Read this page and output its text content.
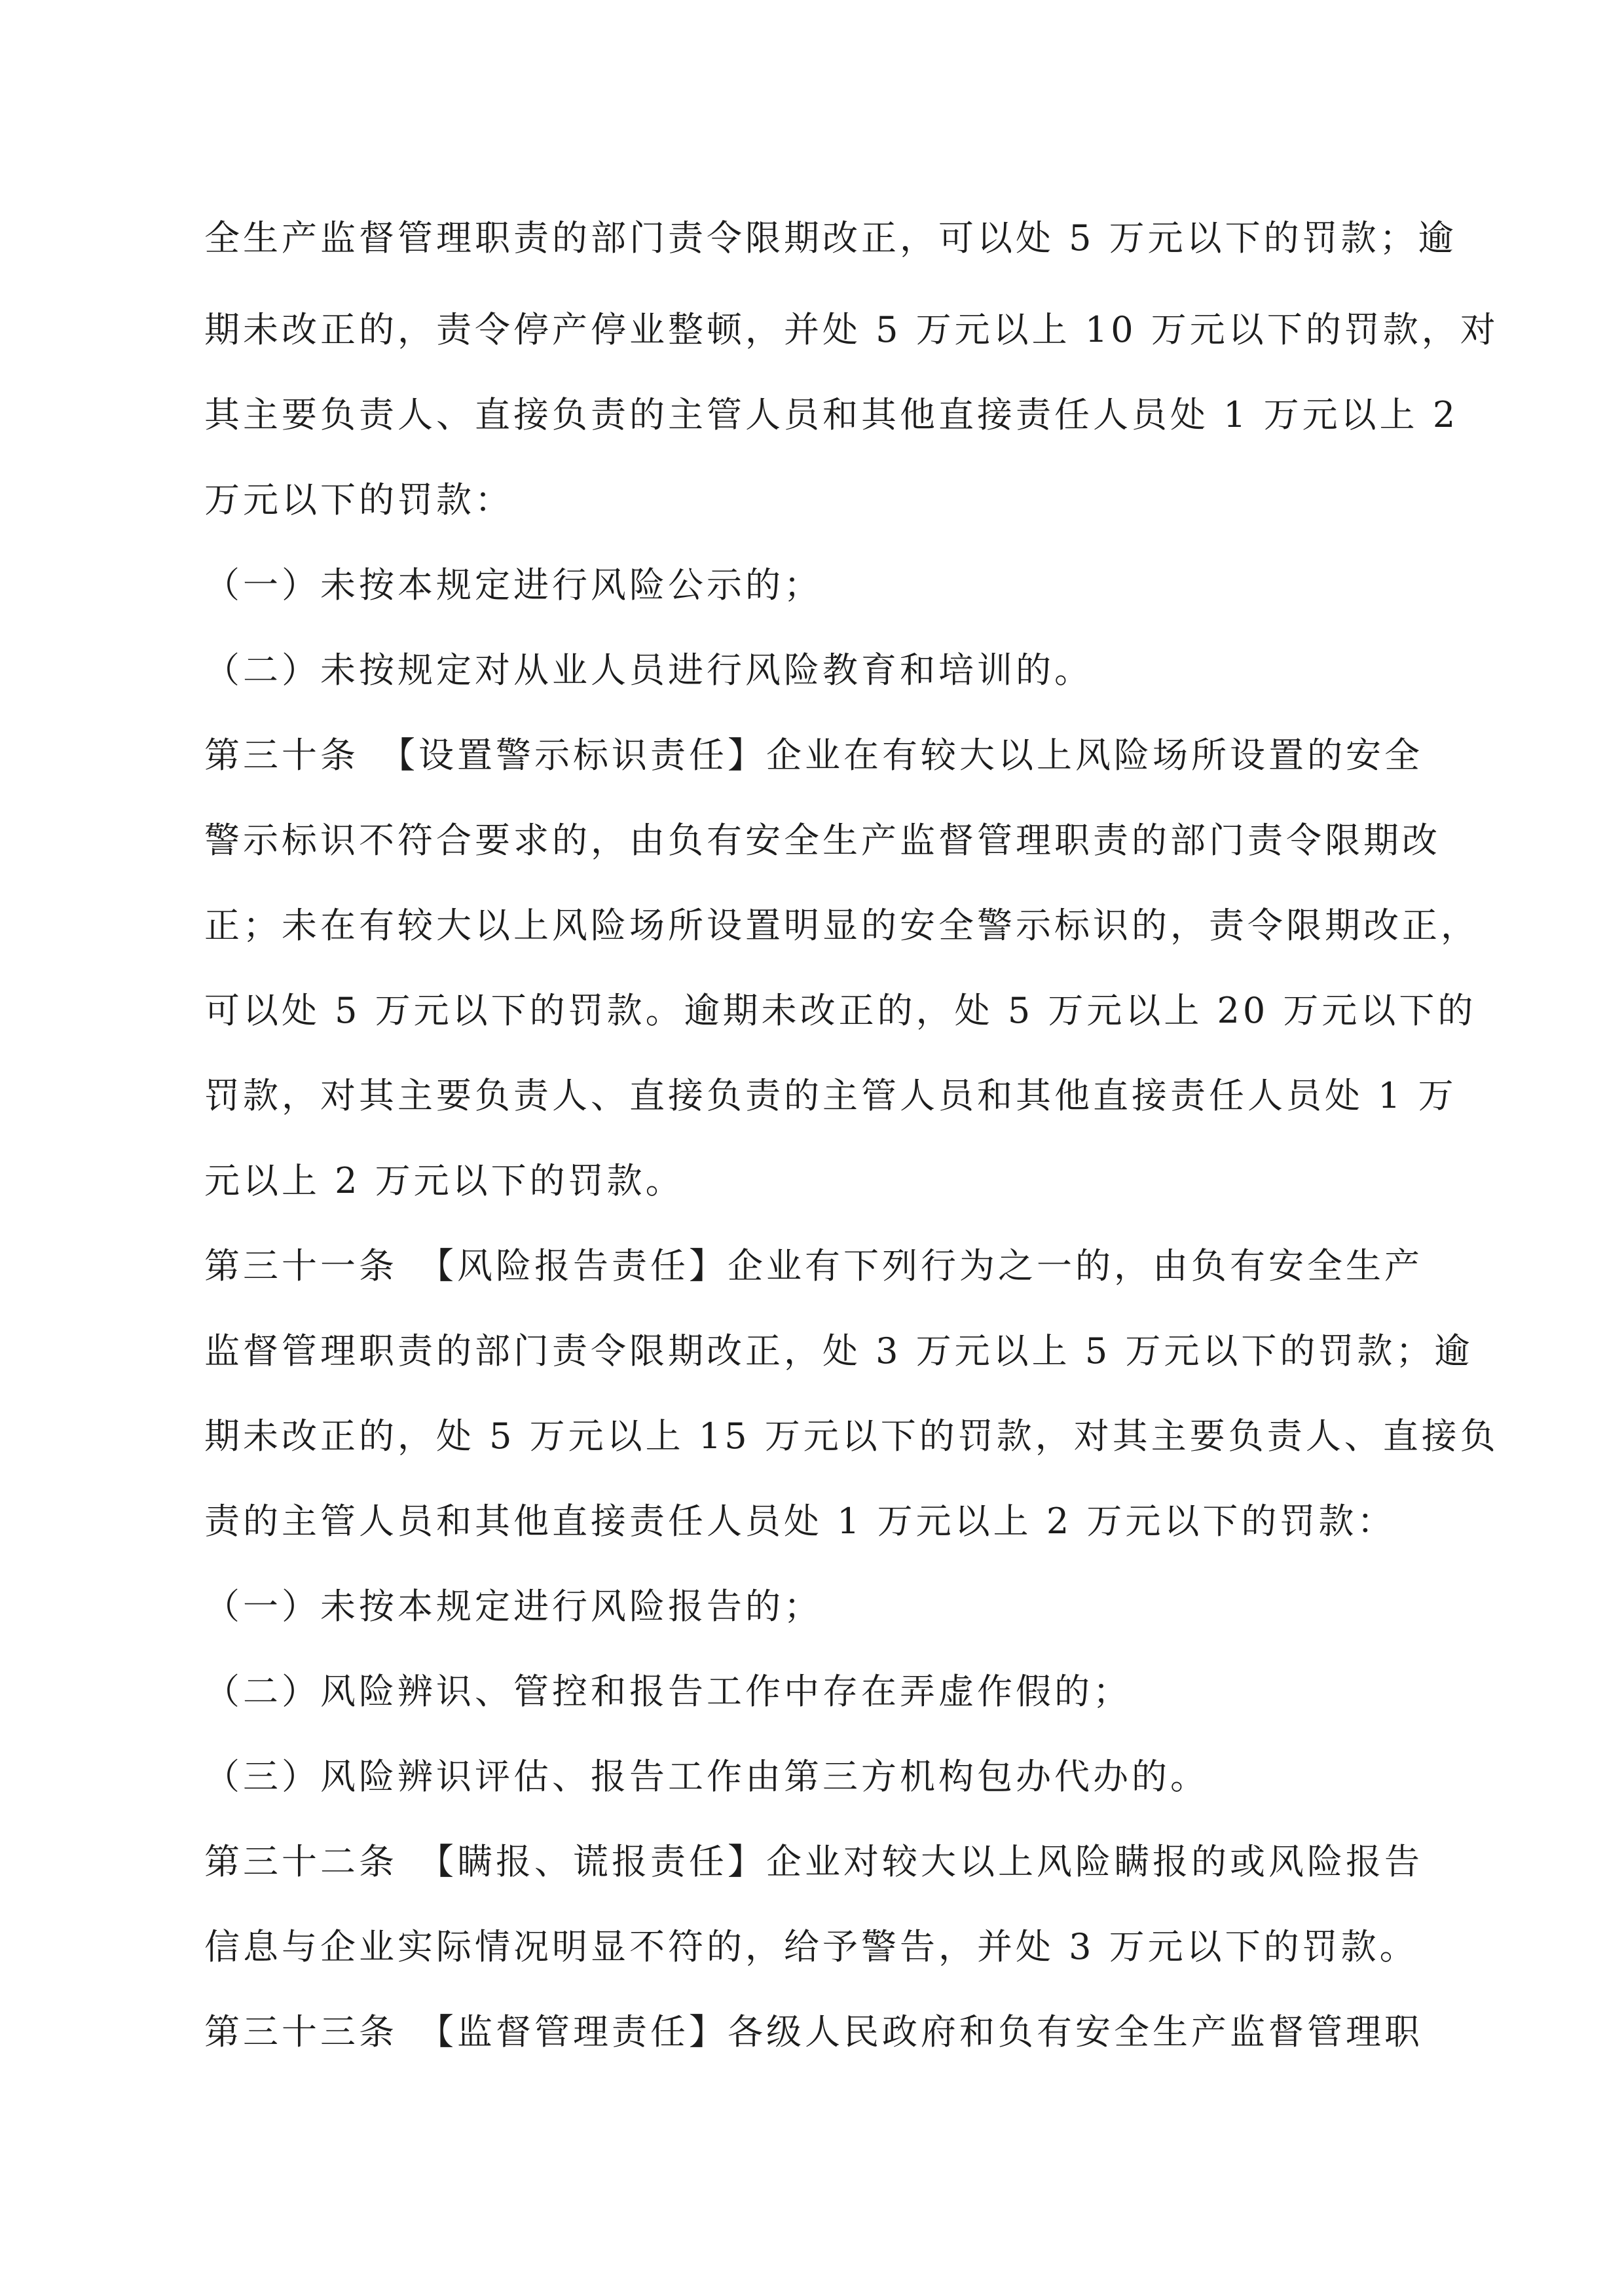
全生产监督管理职责的部门责令限期改正，可以处 5 万元以下的罚款；逾
期未改正的，责令停产停业整顿，并处 5 万元以上 10 万元以下的罚款，对
其主要负责人、直接负责的主管人员和其他直接责任人员处 1 万元以上 2
万元以下的罚款：
（一）未按本规定进行风险公示的；
（二）未按规定对从业人员进行风险教育和培训的。
第三十条　【设置警示标识责任】企业在有较大以上风险场所设置的安全
警示标识不符合要求的，由负有安全生产监督管理职责的部门责令限期改
正；未在有较大以上风险场所设置明显的安全警示标识的，责令限期改正，
可以处 5 万元以下的罚款。逾期未改正的，处 5 万元以上 20 万元以下的
罚款，对其主要负责人、直接负责的主管人员和其他直接责任人员处 1 万
元以上 2 万元以下的罚款。
第三十一条　【风险报告责任】企业有下列行为之一的，由负有安全生产
监督管理职责的部门责令限期改正，处 3 万元以上 5 万元以下的罚款；逾
期未改正的，处 5 万元以上 15 万元以下的罚款，对其主要负责人、直接负
责的主管人员和其他直接责任人员处 1 万元以上 2 万元以下的罚款：
（一）未按本规定进行风险报告的；
（二）风险辨识、管控和报告工作中存在弄虚作假的；
（三）风险辨识评估、报告工作由第三方机构包办代办的。
第三十二条　【瞒报、谎报责任】企业对较大以上风险瞒报的或风险报告
信息与企业实际情况明显不符的，给予警告，并处 3 万元以下的罚款。
第三十三条　【监督管理责任】各级人民政府和负有安全生产监督管理职
